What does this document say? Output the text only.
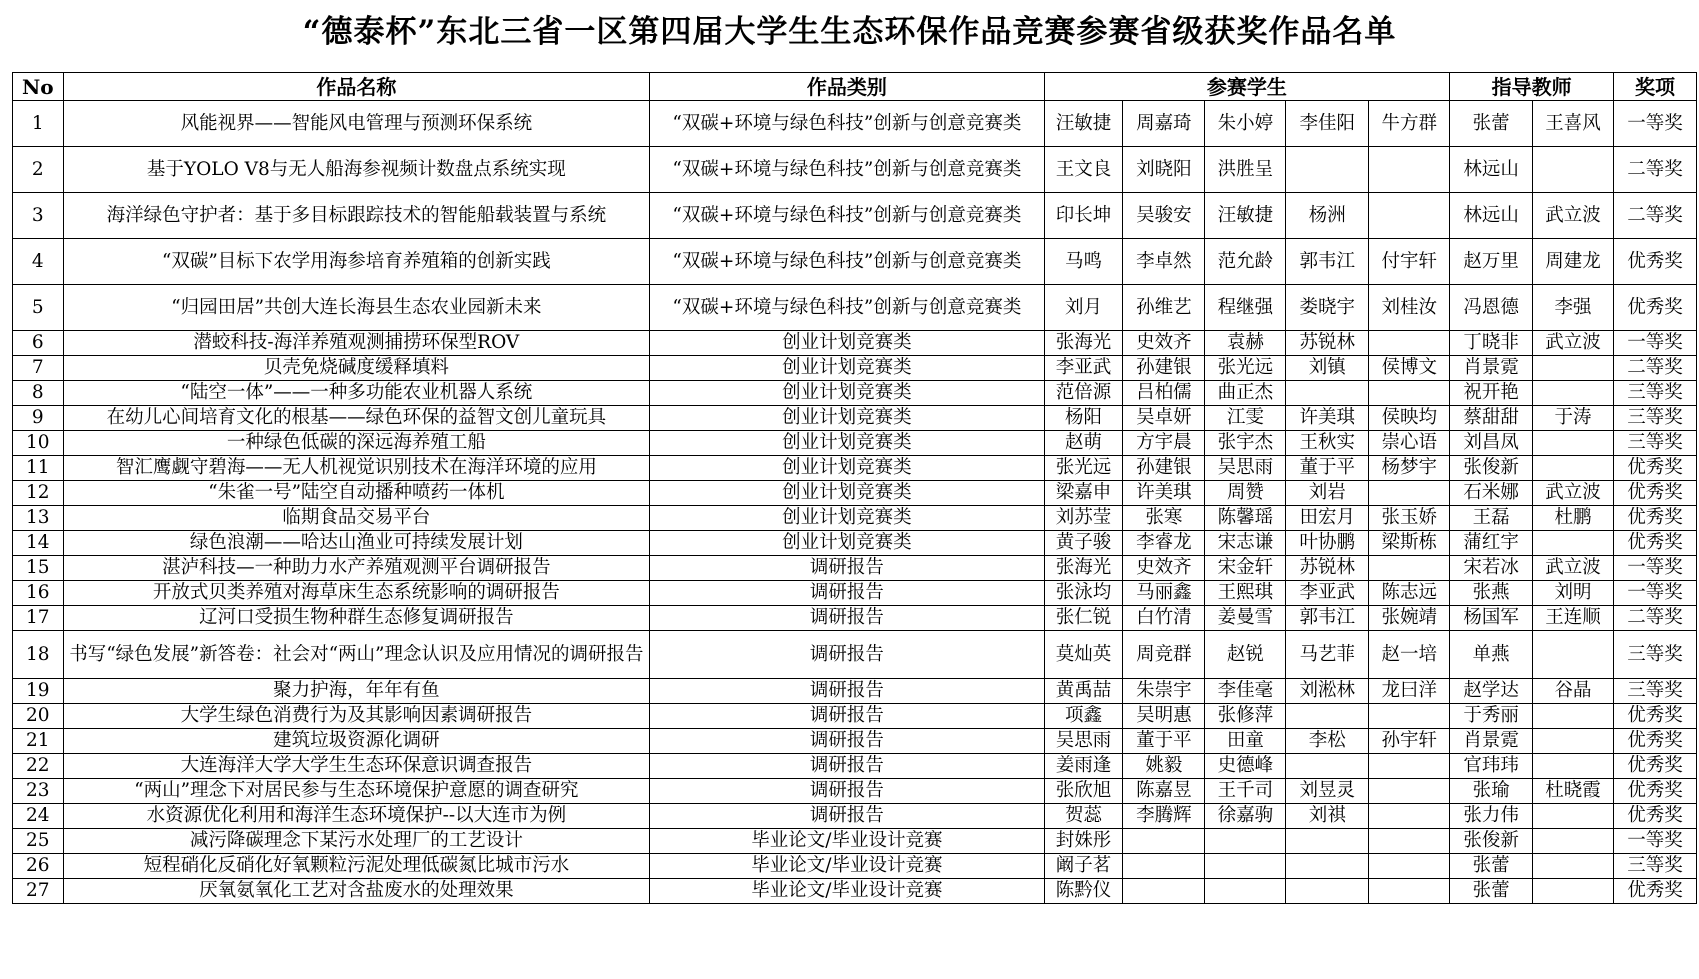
“德泰杯”东北三省一区第四届大学生生态环保作品竞赛参赛省级获奖作品名单
No	作品名称	作品类别	参赛学生					指导教师		奖项
1	风能视界——智能风电管理与预测环保系统	“双碳+环境与绿色科技”创新与创意竞赛类	汪敏捷	周嘉琦	朱小婷	李佳阳	牛方群	张蕾	王喜风	一等奖
2	基于YOLO V8与无人船海参视频计数盘点系统实现	“双碳+环境与绿色科技”创新与创意竞赛类	王文良	刘晓阳	洪胜呈			林远山		二等奖
3	海洋绿色守护者：基于多目标跟踪技术的智能船载装置与系统	“双碳+环境与绿色科技”创新与创意竞赛类	印长坤	吴骏安	汪敏捷	杨洲		林远山	武立波	二等奖
4	“双碳”目标下农学用海参培育养殖箱的创新实践	“双碳+环境与绿色科技”创新与创意竞赛类	马鸣	李卓然	范允龄	郭韦江	付宇轩	赵万里	周建龙	优秀奖
5	“归园田居”共创大连长海县生态农业园新未来	“双碳+环境与绿色科技”创新与创意竞赛类	刘月	孙维艺	程继强	娄晓宇	刘桂汝	冯恩德	李强	优秀奖
6	潜蛟科技-海洋养殖观测捕捞环保型ROV	创业计划竞赛类	张海光	史效齐	袁赫	苏锐林		丁晓非	武立波	一等奖
7	贝壳免烧碱度缓释填料	创业计划竞赛类	李亚武	孙建银	张光远	刘镇	侯博文	肖景霓		二等奖
8	“陆空一体”——一种多功能农业机器人系统	创业计划竞赛类	范倍源	吕柏儒	曲正杰			祝开艳		三等奖
9	在幼儿心间培育文化的根基——绿色环保的益智文创儿童玩具	创业计划竞赛类	杨阳	吴卓妍	江雯	许美琪	侯映均	蔡甜甜	于涛	三等奖
10	一种绿色低碳的深远海养殖工船	创业计划竞赛类	赵萌	方宇晨	张宇杰	王秋实	崇心语	刘昌凤		三等奖
11	智汇鹰觑守碧海——无人机视觉识别技术在海洋环境的应用	创业计划竞赛类	张光远	孙建银	吴思雨	董于平	杨梦宇	张俊新		优秀奖
12	“朱雀一号”陆空自动播种喷药一体机	创业计划竞赛类	梁嘉申	许美琪	周赞	刘岩		石米娜	武立波	优秀奖
13	临期食品交易平台	创业计划竞赛类	刘苏莹	张寒	陈馨瑶	田宏月	张玉娇	王磊	杜鹏	优秀奖
14	绿色浪潮——哈达山渔业可持续发展计划	创业计划竞赛类	黄子骏	李睿龙	宋志谦	叶协鹏	梁斯栋	蒲红宇		优秀奖
15	湛泸科技—一种助力水产养殖观测平台调研报告	调研报告	张海光	史效齐	宋金轩	苏锐林		宋若冰	武立波	一等奖
16	开放式贝类养殖对海草床生态系统影响的调研报告	调研报告	张泳均	马丽鑫	王熙琪	李亚武	陈志远	张燕	刘明	一等奖
17	辽河口受损生物种群生态修复调研报告	调研报告	张仁锐	白竹清	姜曼雪	郭韦江	张婉靖	杨国军	王连顺	二等奖
18	书写“绿色发展”新答卷：社会对“两山”理念认识及应用情况的调研报告	调研报告	莫灿英	周竞群	赵锐	马艺菲	赵一培	单燕		三等奖
19	聚力护海，年年有鱼	调研报告	黄禹喆	朱崇宇	李佳毫	刘淞林	龙曰洋	赵学达	谷晶	三等奖
20	大学生绿色消费行为及其影响因素调研报告	调研报告	项鑫	吴明惠	张修萍			于秀丽		优秀奖
21	建筑垃圾资源化调研	调研报告	吴思雨	董于平	田童	李松	孙宇轩	肖景霓		优秀奖
22	大连海洋大学大学生生态环保意识调查报告	调研报告	姜雨逢	姚毅	史德峰			官玮玮		优秀奖
23	“两山”理念下对居民参与生态环境保护意愿的调查研究	调研报告	张欣旭	陈嘉昱	王千司	刘昱灵		张瑜	杜晓霞	优秀奖
24	水资源优化利用和海洋生态环境保护--以大连市为例	调研报告	贺蕊	李腾辉	徐嘉驹	刘祺		张力伟		优秀奖
25	减污降碳理念下某污水处理厂的工艺设计	毕业论文/毕业设计竞赛	封姝彤					张俊新		一等奖
26	短程硝化反硝化好氧颗粒污泥处理低碳氮比城市污水	毕业论文/毕业设计竞赛	阚子茗					张蕾		三等奖
27	厌氧氨氧化工艺对含盐废水的处理效果	毕业论文/毕业设计竞赛	陈黔仪					张蕾		优秀奖
